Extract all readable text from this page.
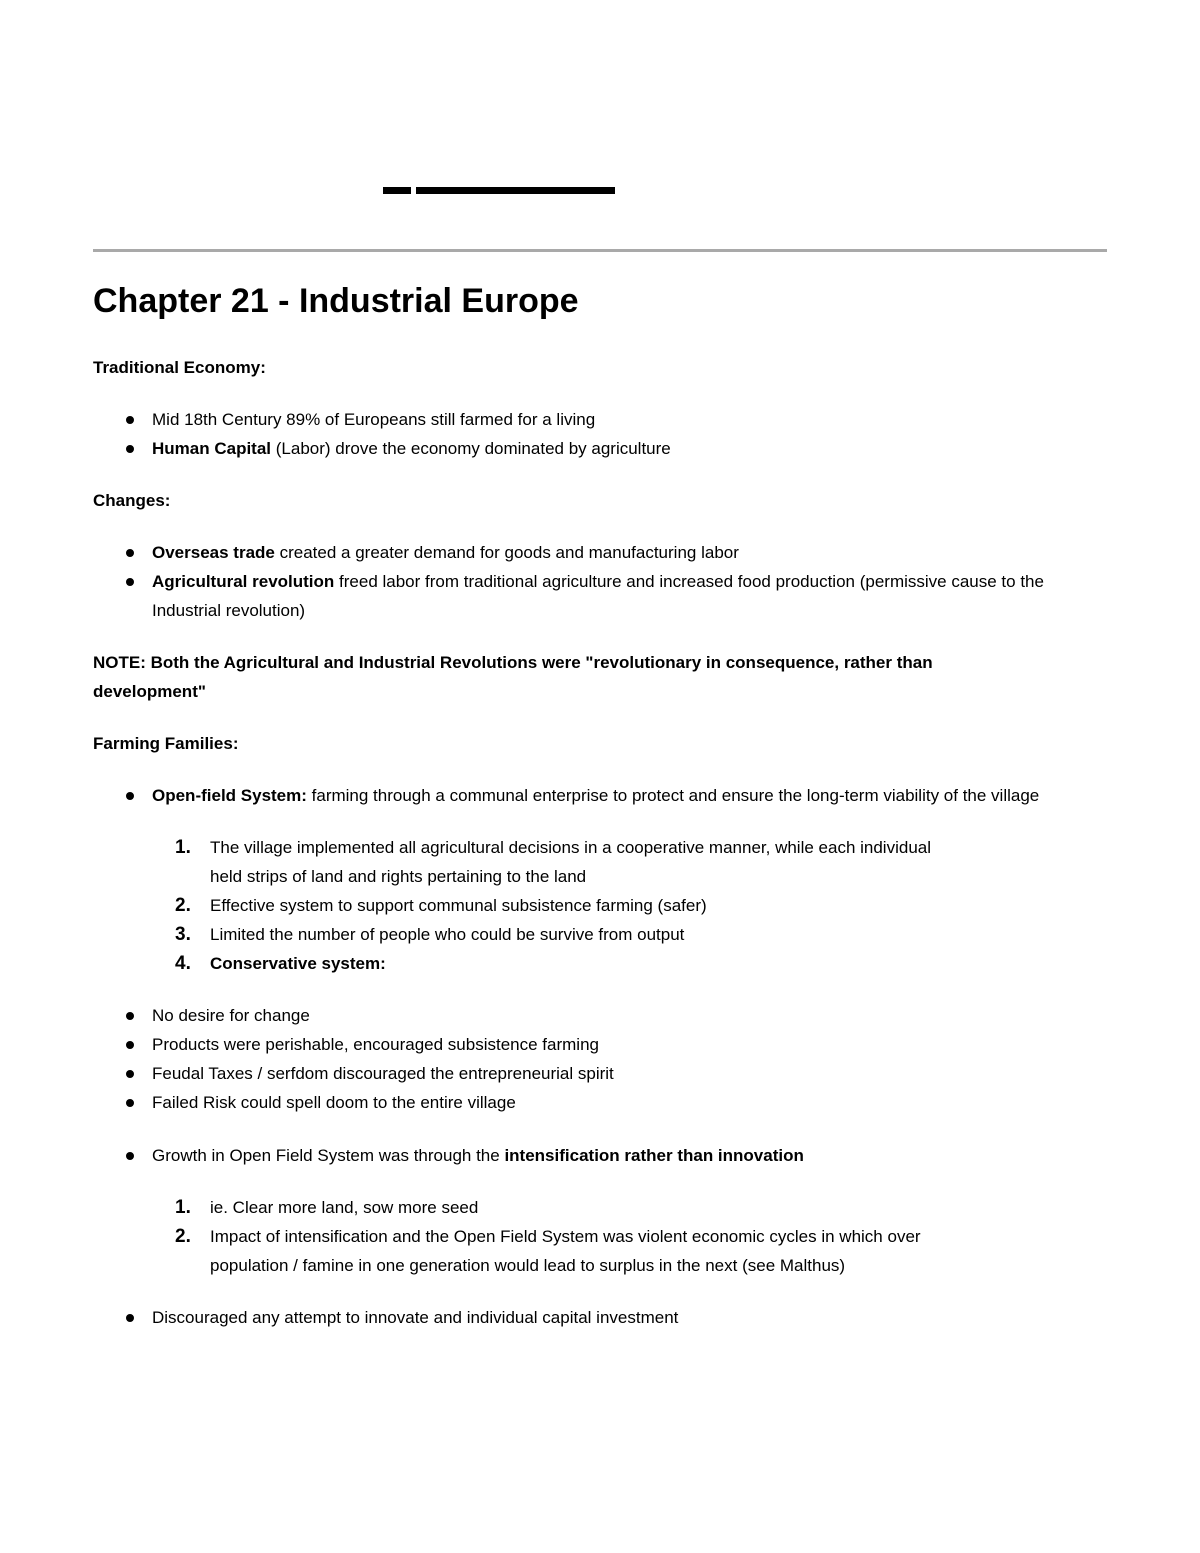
Chapter 21 - Industrial Europe

Traditional Economy:

Mid 18th Century 89% of Europeans still farmed for a living
Human Capital (Labor) drove the economy dominated by agriculture

Changes:

Overseas trade created a greater demand for goods and manufacturing labor
Agricultural revolution freed labor from traditional agriculture and increased food production (permissive cause to the Industrial revolution)

NOTE: Both the Agricultural and Industrial Revolutions were "revolutionary in consequence, rather than development"

Farming Families:

Open-field System: farming through a communal enterprise to protect and ensure the long-term viability of the village
1. The village implemented all agricultural decisions in a cooperative manner, while each individual held strips of land and rights pertaining to the land
2. Effective system to support communal subsistence farming (safer)
3. Limited the number of people who could be survive from output
4. Conservative system:
No desire for change
Products were perishable, encouraged subsistence farming
Feudal Taxes / serfdom discouraged the entrepreneurial spirit
Failed Risk could spell doom to the entire village
Growth in Open Field System was through the intensification rather than innovation
1. ie. Clear more land, sow more seed
2. Impact of intensification and the Open Field System was violent economic cycles in which over population / famine in one generation would lead to surplus in the next (see Malthus)
Discouraged any attempt to innovate and individual capital investment
